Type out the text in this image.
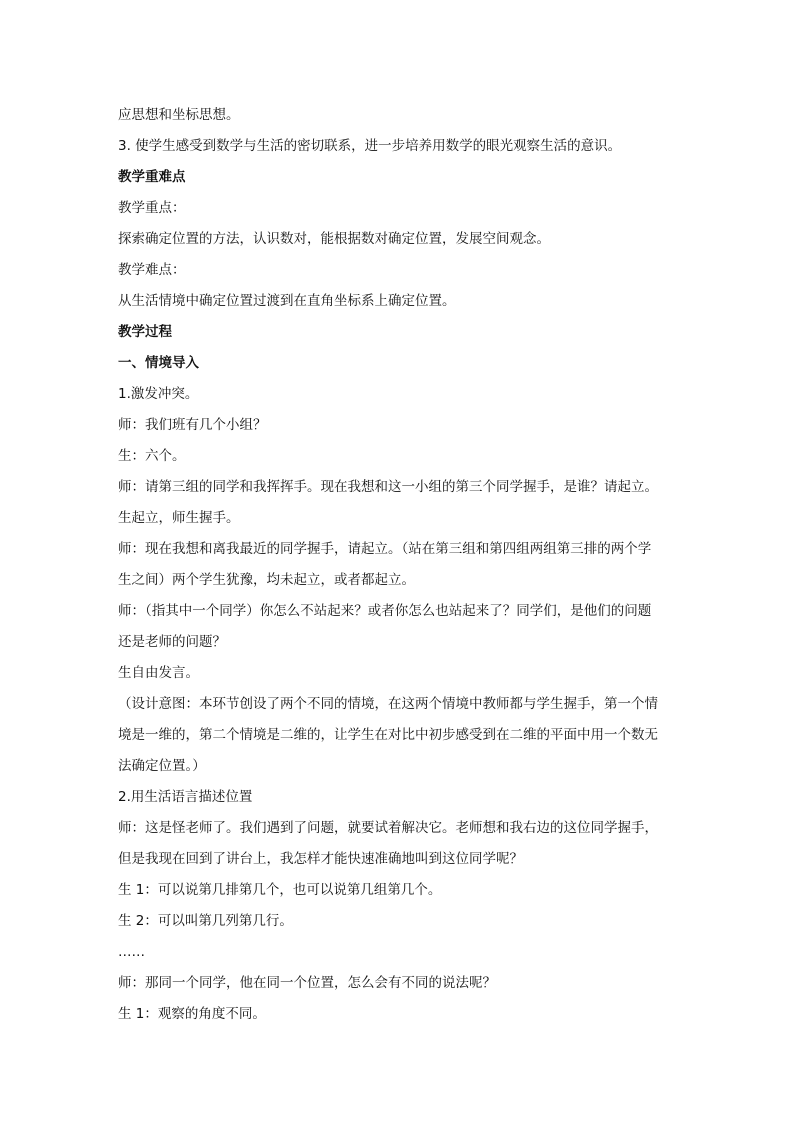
应思想和坐标思想。
3. 使学生感受到数学与生活的密切联系，进一步培养用数学的眼光观察生活的意识。
教学重难点
教学重点：
探索确定位置的方法，认识数对，能根据数对确定位置，发展空间观念。
教学难点：
从生活情境中确定位置过渡到在直角坐标系上确定位置。
教学过程
一、情境导入
1.激发冲突。
师：我们班有几个小组？
生：六个。
师：请第三组的同学和我挥挥手。现在我想和这一小组的第三个同学握手，是谁？请起立。
生起立，师生握手。
师：现在我想和离我最近的同学握手，请起立。（站在第三组和第四组两组第三排的两个学
生之间）两个学生犹豫，均未起立，或者都起立。
师：（指其中一个同学）你怎么不站起来？或者你怎么也站起来了？同学们，是他们的问题
还是老师的问题？
生自由发言。
（设计意图：本环节创设了两个不同的情境，在这两个情境中教师都与学生握手，第一个情
境是一维的，第二个情境是二维的，让学生在对比中初步感受到在二维的平面中用一个数无
法确定位置。）
2.用生活语言描述位置
师：这是怪老师了。我们遇到了问题，就要试着解决它。老师想和我右边的这位同学握手，
但是我现在回到了讲台上，我怎样才能快速准确地叫到这位同学呢？
生 1：可以说第几排第几个，也可以说第几组第几个。
生 2：可以叫第几列第几行。
……
师：那同一个同学，他在同一个位置，怎么会有不同的说法呢？
生 1：观察的角度不同。
